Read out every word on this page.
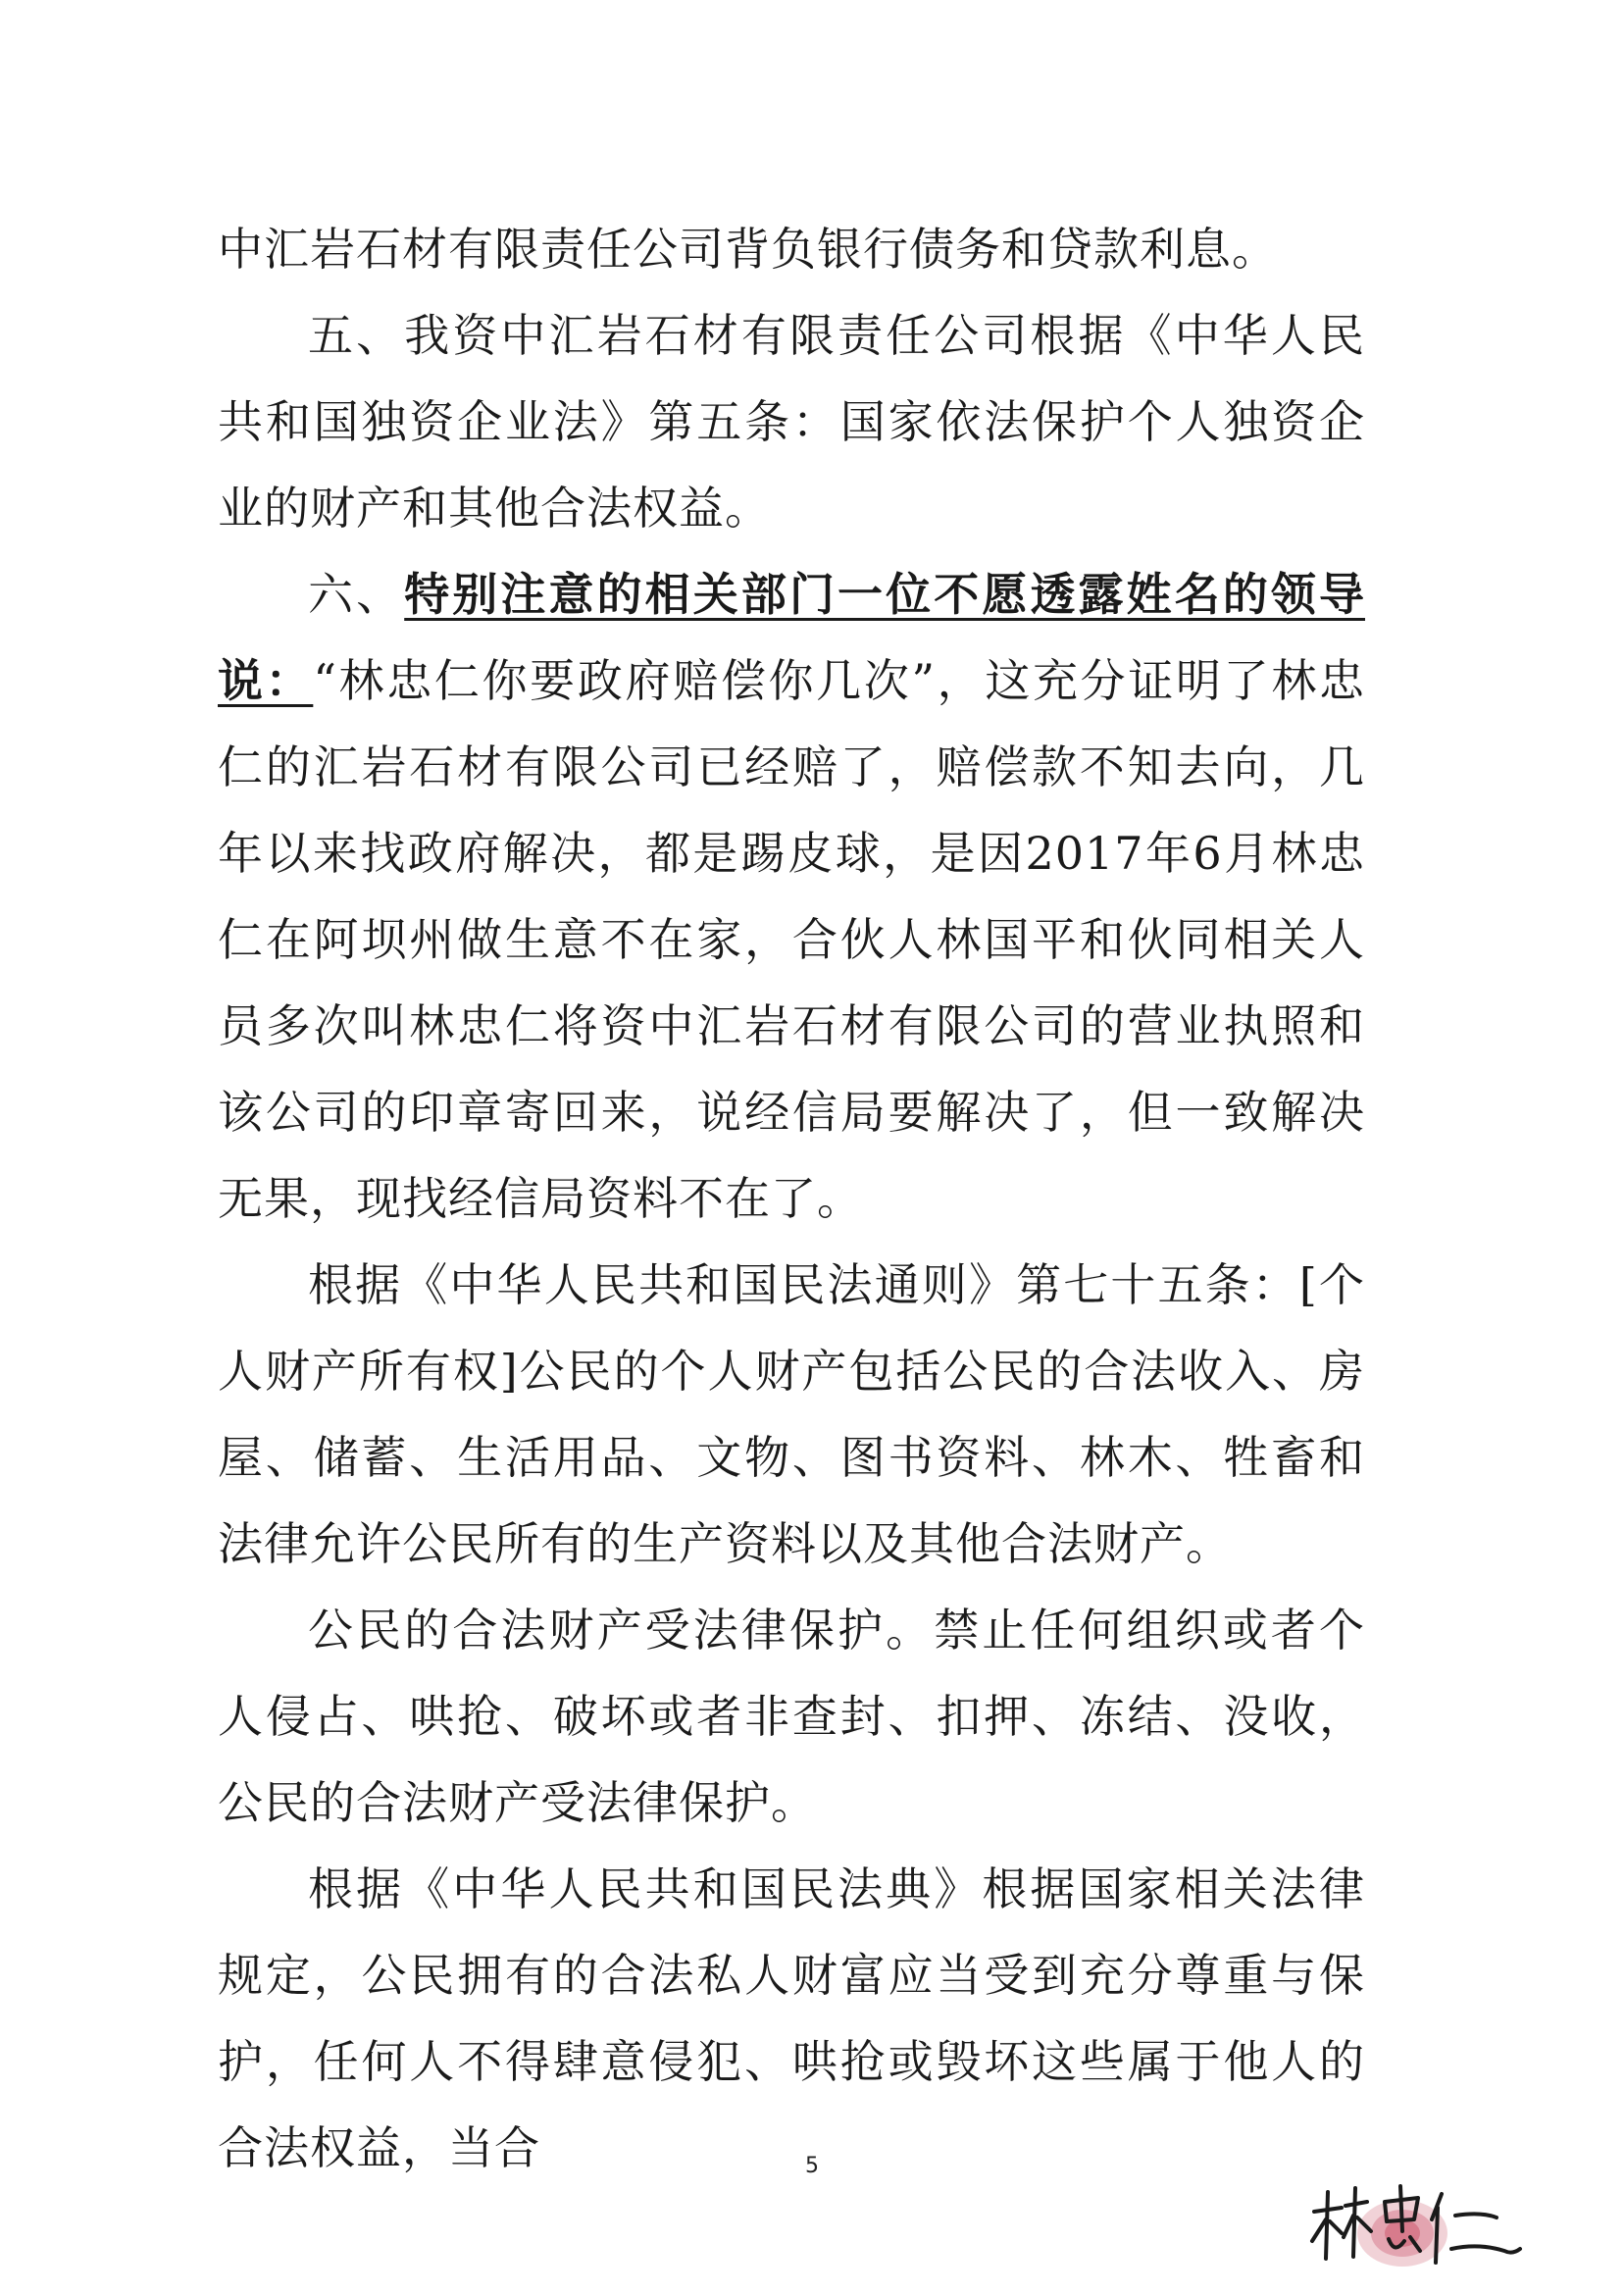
中汇岩石材有限责任公司背负银行债务和贷款利息。

五、我资中汇岩石材有限责任公司根据《中华人民共和国独资企业法》第五条：国家依法保护个人独资企业的财产和其他合法权益。

六、特别注意的相关部门一位不愿透露姓名的领导说：“林忠仁你要政府赔偿你几次”，这充分证明了林忠仁的汇岩石材有限公司已经赔了，赔偿款不知去向，几年以来找政府解决，都是踢皮球，是因2017年6月林忠仁在阿坝州做生意不在家，合伙人林国平和伙同相关人员多次叫林忠仁将资中汇岩石材有限公司的营业执照和该公司的印章寄回来，说经信局要解决了，但一致解决无果，现找经信局资料不在了。

根据《中华人民共和国民法通则》第七十五条：[个人财产所有权]公民的个人财产包括公民的合法收入、房屋、储蓄、生活用品、文物、图书资料、林木、牲畜和法律允许公民所有的生产资料以及其他合法财产。

公民的合法财产受法律保护。禁止任何组织或者个人侵占、哄抢、破坏或者非查封、扣押、冻结、没收，公民的合法财产受法律保护。

根据《中华人民共和国民法典》根据国家相关法律规定，公民拥有的合法私人财富应当受到充分尊重与保护，任何人不得肆意侵犯、哄抢或毁坏这些属于他人的合法权益，当合	5
